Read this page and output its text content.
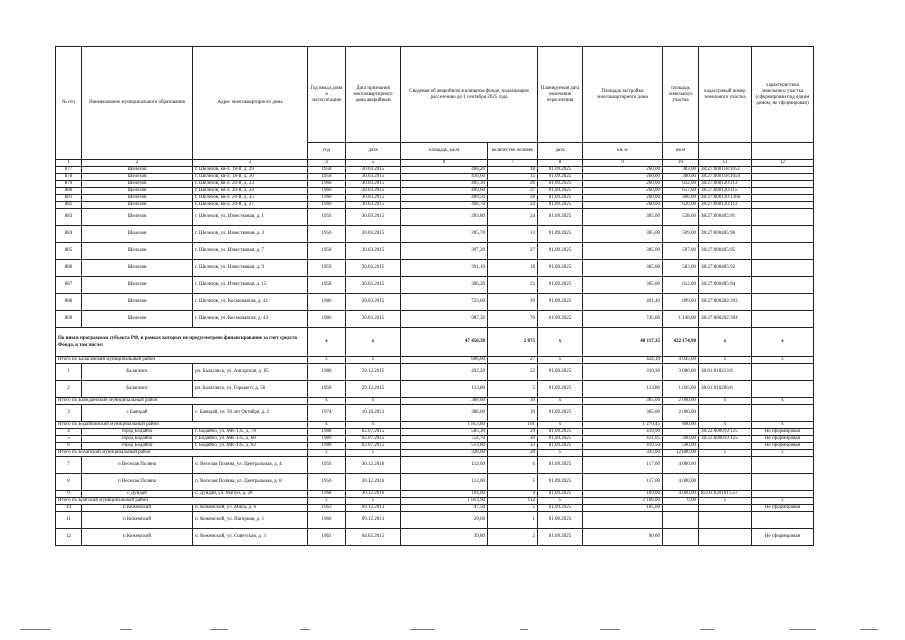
№ п/п	Наименование муниципального образования	Адрес многоквартирного дома	Год ввода дома в эксплуатацию	Дата признания многоквартирного дома аварийным	Сведения об аварийном жилищном фонде, подлежащем расселению до 1 сентября 2025 года		Планируемая дата окончания переселения	Площадь застройки многоквартирного дома	площадь земельного участка	кадастровый номер земельного участка	характеристика земельного участка (сформирован под одним домом, не сформирован)
			год	дата	площадь, кв.м	количество человек	дата	кв. м	кв.м		
1	2	3	4	5	6	7	8	9	10	11	12
877	Шелехов	г. Шелехов, кв-л. 18-й, д. 29	1958	30.03.2015	408,20	18	01.09.2025	260,00	383,00	38:27:000118:1052	
878	Шелехов	г. Шелехов, кв-л. 18-й, д. 30	1958	30.03.2015	416,60	15	01.09.2025	260,00	380,00	38:27:000118:1054	
879	Шелехов	г. Шелехов, кв-л. 20-й, д. 23	1960	30.03.2015	405,30	26	01.09.2025	260,00	632,00	38:27:000120:113	
880	Шелехов	г. Шелехов, кв-л. 20-й, д. 24	1960	30.03.2015	409,60	27	01.09.2025	260,00	657,00	38:27:000120:115	
881	Шелехов	г. Шелехов, кв-л. 20-й, д. 25	1960	30.03.2015	409,50	28	01.09.2025	260,00	406,00	38:27:000120:1366	
882	Шелехов	г. Шелехов, кв-л. 20-й, д. 27	1960	30.03.2015	408,70	24	01.09.2025	260,00	620,00	38:27:000120:112	
883	Шелехов	г. Шелехов, ул. Известковая, д. 1	1956	30.03.2015	393,80	24	01.09.2025	305,00	528,00	38:27:000405:91	
884	Шелехов	г. Шелехов, ул. Известковая, д. 3	1956	30.03.2015	395,70	13	01.09.2025	305,00	509,00	38:27:000405:90	
885	Шелехов	г. Шелехов, ул. Известковая, д. 7	1956	30.03.2015	397,20	27	01.09.2025	305,00	597,00	38:27:000405:95	
886	Шелехов	г. Шелехов, ул. Известковая, д. 9	1959	30.03.2015	391,10	18	01.09.2025	305,00	583,00	38:27:000405:92	
887	Шелехов	г. Шелехов, ул. Известковая, д. 15	1958	30.03.2015	396,20	23	01.09.2025	305,00	612,00	38:27:000405:94	
888	Шелехов	г. Шелехов, ул. Космонавтов, д. 41	1986	30.03.2015	723,60	39	01.09.2025	491,40	899,00	38:27:000202:393	
889	Шелехов	г. Шелехов, ул. Космонавтов, д. 43	1986	30.03.2015	987,30	70	01.09.2025	745,00	1 138,00	38:27:000202:394	
По иным программам субъекта РФ, в рамках которых не предусмотрено финансирование за счет средств Фонда, в том числе:			x	x	47 456,38	2 875	x	48 117,35	422 174,90	x	x
Итого по Балаганский муниципальный район			x	x	606,00	27	x	424,10	4 045,00	x	x
1	Балаганск	рп. Балаганск, ул. Ангарская, д. 85	1980	29.12.2015	492,20	22	01.09.2025	310,30	3 000,00	38:01:010213:8	
2	Балаганск	рп. Балаганск, ул. Горького, д. 56	1956	29.12.2015	113,80	5	01.09.2025	113,80	1 045,00	38:01:010206:6	
Итого по Баяндаевский муниципальный район			x	x	388,00	30	x	365,00	2 000,00	x	x
3	с Баяндай	с. Баяндай, ул. 50 лет Октября, д. 2	1974	10.10.2013	388,00	30	01.09.2025	365,00	2 000,00		
Итого по Бодайбинский муниципальный район			x	x	1 853,80	101	x	1 270,45	800,00	x	x
4	город Бодайбо	г. Бодайбо, ул. МК-135, д. 79	1988	02.07.2015	585,30	29	01.09.2025	419,90		38:22:000019:125	Не сформирован
5	город Бодайбо	г. Бодайбо, ул. МК-135, д. 80	1989	02.07.2015	754,70	39	01.09.2025	431,05	300,00	38:22:000019:125	Не сформирован
6	город Бодайбо	г. Бодайбо, ул. МК-135, д. 82	1988	02.07.2015	513,80	33	01.09.2025	419,50	500,00		Не сформирован
Итого по Бохапский муниципальный район			x	x	328,00	20	x	343,00	12 800,00	x	x
7	п Веселая Поляна	п. Веселая Поляна, ул. Центральная, д. 4	1956	30.12.2016	112,00	6	01.09.2025	117,00	4 000,00		
8	п Веселая Поляна	п. Веселая Поляна, ул. Центральная, д. 8	1956	30.12.2016	112,00	5	01.09.2025	117,00	4 000,00		
9	с Дундай	с. Дундай, ул. Мапун, д. 28	1968	30.12.2016	104,00	9	01.09.2025	109,00	4 000,00	85:03:020101:557	
Итого по Братский муниципальный район			x	x	1 813,90	112	x	2 108,00	0,00	x	x
10	п Кежемский	п. Кежемский, ул. Мира, д. 6	1963	09.12.2013	47,50	5	01.09.2025	105,00			Не сформирован
11	п Кежемский	п. Кежемский, ул. Нагорная, д. 1	1960	09.12.2013	39,60	1	01.09.2025				
12	п Кежемский	п. Кежемский, ул. Советская, д. 3	1963	04.02.2015	39,80	2	01.09.2025	90,00			Не сформирован
